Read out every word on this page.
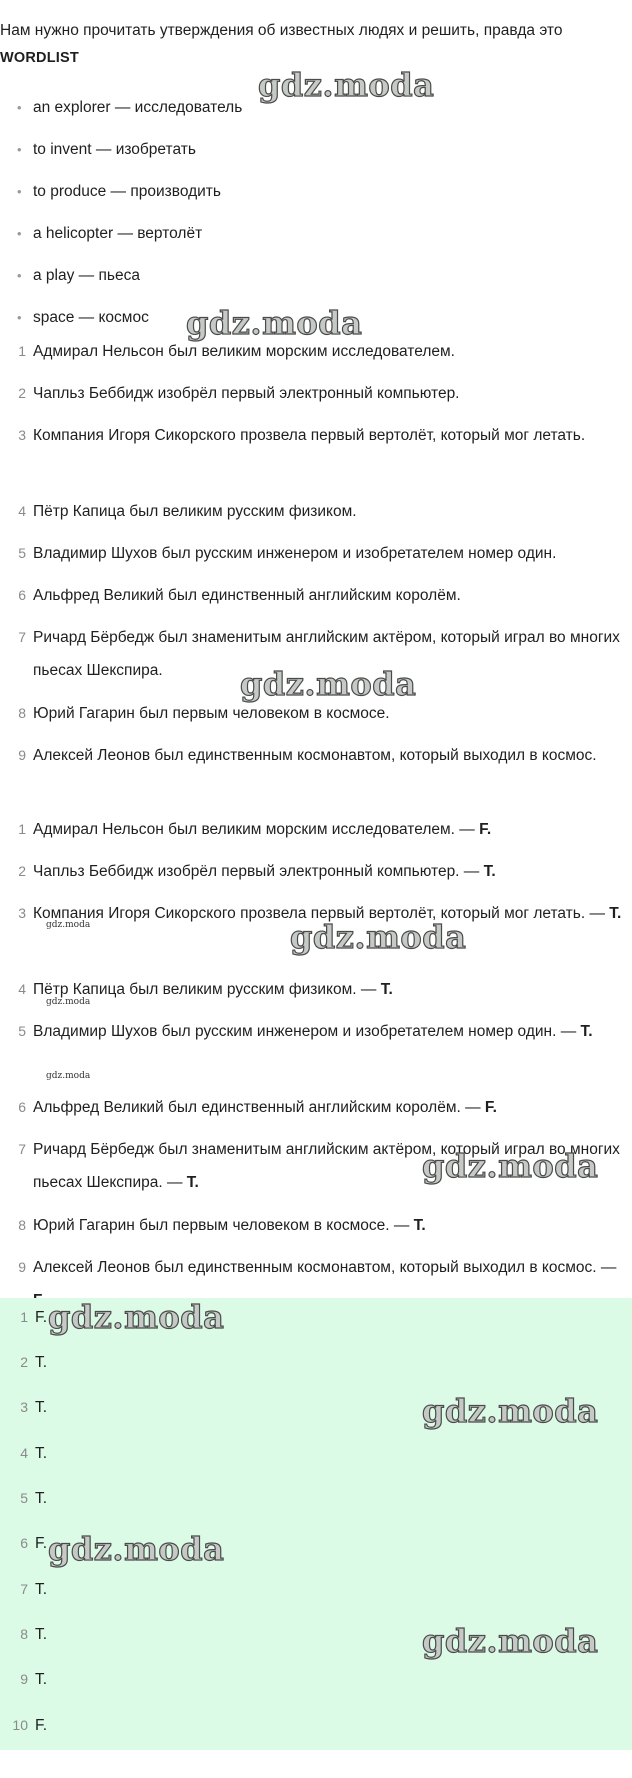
Нам нужно прочитать утверждения об известных людях и решить, правда это
WORDLIST
• an explorer — исследователь
• to invent — изобретать
• to produce — производить
• a helicopter — вертолёт
• a play — пьеса
• space — космос
1 Адмирал Нельсон был великим морским исследователем.
2 Чапльз Беббидж изобрёл первый электронный компьютер.
3 Компания Игоря Сикорского прозвела первый вертолёт, который мог летать.
4 Пётр Капица был великим русским физиком.
5 Владимир Шухов был русским инженером и изобретателем номер один.
6 Альфред Великий был единственный английским королём.
7 Ричард Бёрбедж был знаменитым английским актёром, который играл во многих пьесах Шекспира.
8 Юрий Гагарин был первым человеком в космосе.
9 Алексей Леонов был единственным космонавтом, который выходил в космос.
1 Адмирал Нельсон был великим морским исследователем. — F.
2 Чапльз Беббидж изобрёл первый электронный компьютер. — T.
3 Компания Игоря Сикорского прозвела первый вертолёт, который мог летать. — T.
4 Пётр Капица был великим русским физиком. — T.
5 Владимир Шухов был русским инженером и изобретателем номер один. — T.
6 Альфред Великий был единственный английским королём. — F.
7 Ричард Бёрбедж был знаменитым английским актёром, который играл во многих пьесах Шекспира. — T.
8 Юрий Гагарин был первым человеком в космосе. — T.
9 Алексей Леонов был единственным космонавтом, который выходил в космос. —
1 F.
2 T.
3 T.
4 T.
5 T.
6 F.
7 T.
8 T.
9 T.
10 F.
gdz.moda
gdz.moda
gdz.moda
gdz.moda
gdz.moda
gdz.moda
gdz.moda
gdz.moda
gdz.moda
gdz.moda
gdz.moda
gdz.moda
